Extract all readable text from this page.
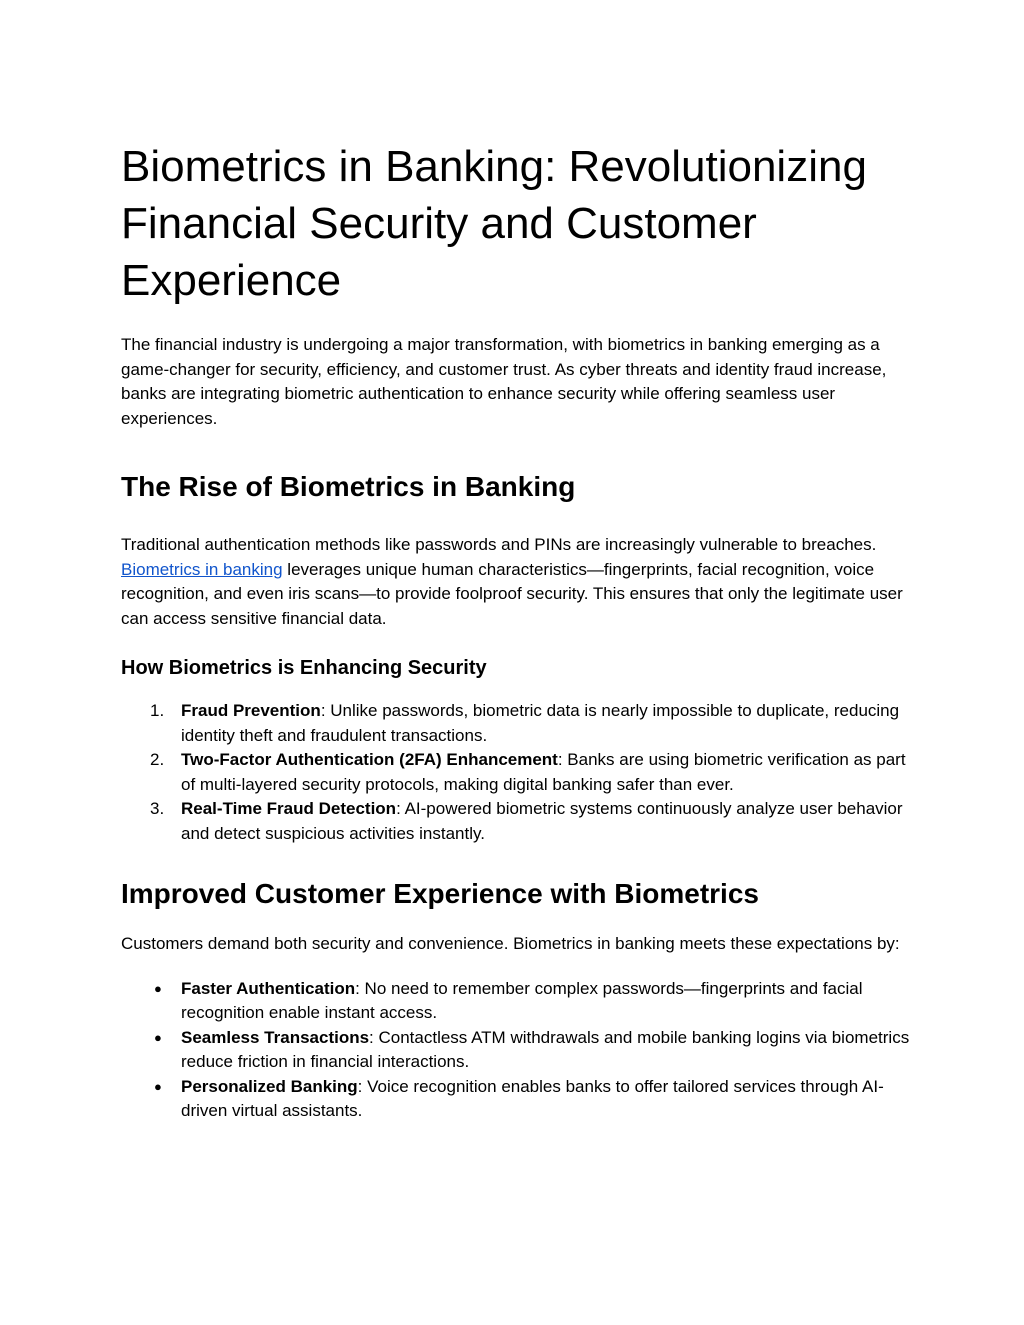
Biometrics in Banking: Revolutionizing Financial Security and Customer Experience

The financial industry is undergoing a major transformation, with biometrics in banking emerging as a game-changer for security, efficiency, and customer trust. As cyber threats and identity fraud increase, banks are integrating biometric authentication to enhance security while offering seamless user experiences.

The Rise of Biometrics in Banking

Traditional authentication methods like passwords and PINs are increasingly vulnerable to breaches. Biometrics in banking leverages unique human characteristics—fingerprints, facial recognition, voice recognition, and even iris scans—to provide foolproof security. This ensures that only the legitimate user can access sensitive financial data.

How Biometrics is Enhancing Security
1. Fraud Prevention: Unlike passwords, biometric data is nearly impossible to duplicate, reducing identity theft and fraudulent transactions.
2. Two-Factor Authentication (2FA) Enhancement: Banks are using biometric verification as part of multi-layered security protocols, making digital banking safer than ever.
3. Real-Time Fraud Detection: AI-powered biometric systems continuously analyze user behavior and detect suspicious activities instantly.
Improved Customer Experience with Biometrics

Customers demand both security and convenience. Biometrics in banking meets these expectations by:

● Faster Authentication: No need to remember complex passwords—fingerprints and facial recognition enable instant access.
● Seamless Transactions: Contactless ATM withdrawals and mobile banking logins via biometrics reduce friction in financial interactions.
● Personalized Banking: Voice recognition enables banks to offer tailored services through AI-driven virtual assistants.
